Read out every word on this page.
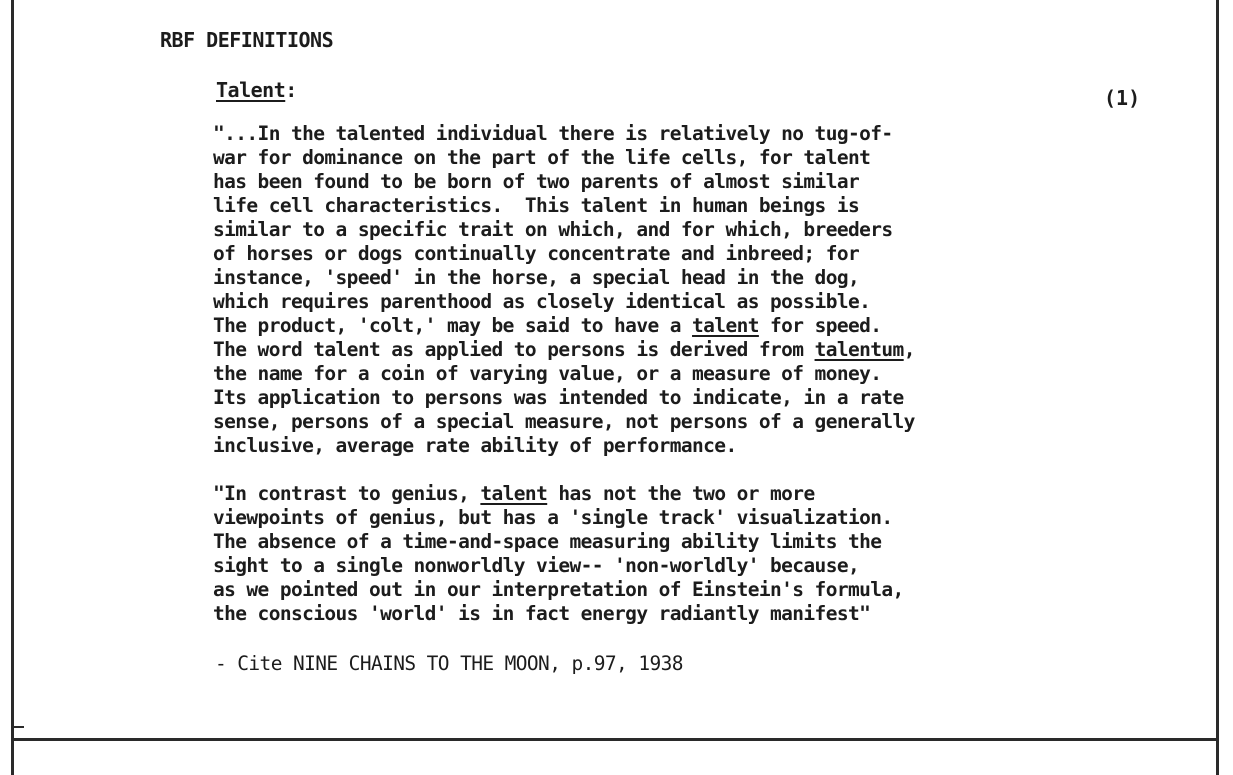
RBF DEFINITIONS
Talent:	(1)
"...In the talented individual there is relatively no tug-of-
war for dominance on the part of the life cells, for talent
has been found to be born of two parents of almost similar
life cell characteristics.  This talent in human beings is
similar to a specific trait on which, and for which, breeders
of horses or dogs continually concentrate and inbreed; for
instance, 'speed' in the horse, a special head in the dog,
which requires parenthood as closely identical as possible.
The product, 'colt,' may be said to have a talent for speed.
The word talent as applied to persons is derived from talentum,
the name for a coin of varying value, or a measure of money.
Its application to persons was intended to indicate, in a rate
sense, persons of a special measure, not persons of a generally
inclusive, average rate ability of performance.
"In contrast to genius, talent has not the two or more
viewpoints of genius, but has a 'single track' visualization.
The absence of a time-and-space measuring ability limits the
sight to a single nonworldly view-- 'non-worldly' because,
as we pointed out in our interpretation of Einstein's formula,
the conscious 'world' is in fact energy radiantly manifest"
- Cite NINE CHAINS TO THE MOON, p.97, 1938
